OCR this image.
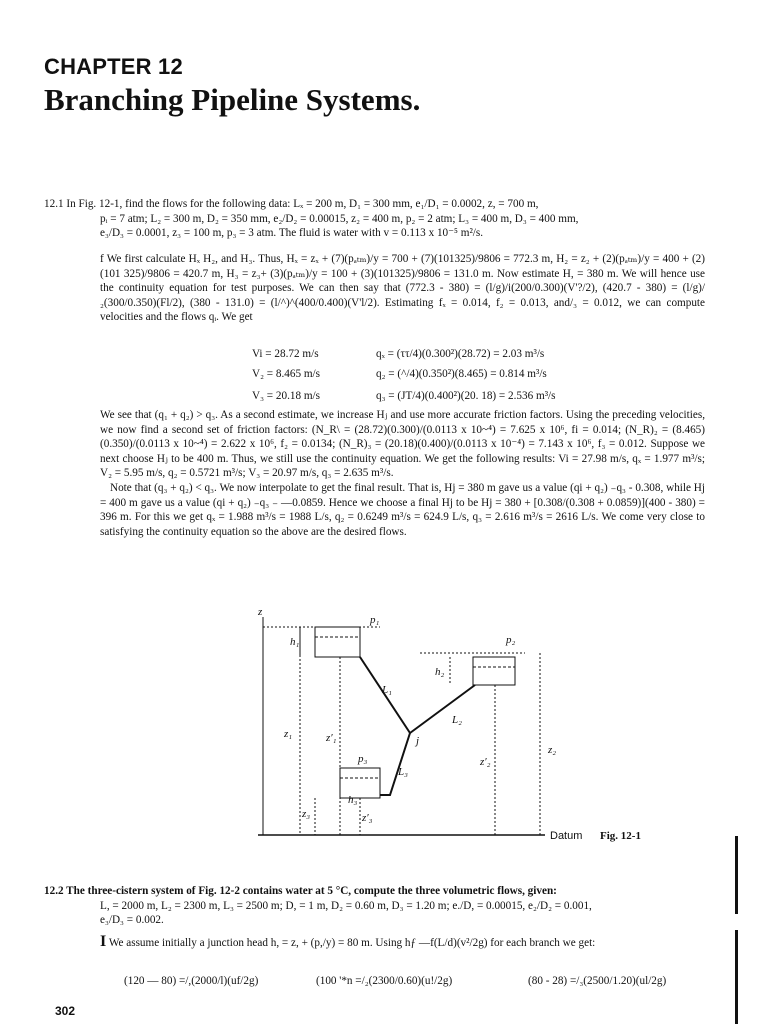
CHAPTER 12
Branching Pipeline Systems.
12.1 In Fig. 12-1, find the flows for the following data: Lₓ = 200 m, D₁ = 300 mm, e₁/D₁ = 0.0002, z, = 700 m,
pᵢ = 7 atm; L₂ = 300 m, D₂ = 350 mm, e₂/D₂ = 0.00015, z₂ = 400 m, p₂ = 2 atm; L₃ = 400 m, D₃ = 400 mm,
e₃/D₃ = 0.0001, z₃ = 100 m, p₃ = 3 atm. The fluid is water with v = 0.113 x 10⁻⁵ m²/s.
f We first calculate Hₓ H₂, and H₃. Thus, Hₓ = zₓ + (7)(pₐₜₘ)/y = 700 + (7)(101325)/9806 = 772.3 m, H₂ = z₂ + (2)(pₐₜₘ)/y = 400 + (2)(101 325)/9806 = 420.7 m, H₃ = z₃+ (3)(pₐₜₘ)/y = 100 + (3)(101325)/9806 = 131.0 m. Now estimate H, = 380 m. We will hence use the continuity equation for test purposes. We can then say that (772.3 - 380) = (l/g)/i(200/0.300)(V'?/2), (420.7 - 380) = (l/g)/₂(300/0.350)(Fl/2), (380 - 131.0) = (l/^)^(400/0.400)(V'l/2). Estimating fₓ = 0.014, f₂ = 0.013, and/₃ = 0.012, we can compute velocities and the flows qᵢ. We get
Vi = 28.72 m/s	qₓ = (ττ/4)(0.300²)(28.72) = 2.03 m³/s
V₂ = 8.465 m/s	q₂ = (^/4)(0.350²)(8.465) = 0.814 m³/s
V₃ = 20.18 m/s	q₃ = (JT/4)(0.400²)(20. 18) = 2.536 m³/s
We see that (q₁ + q₂) > q₃. As a second estimate, we increase Hⱼ and use more accurate friction factors. Using the preceding velocities, we now find a second set of friction factors: (N_R\ = (28.72)(0.300)/(0.0113 x 10~⁴) = 7.625 x 10⁶, fi = 0.014; (N_R)₂ = (8.465)(0.350)/(0.0113 x 10~⁴) = 2.622 x 10⁶, f₂ = 0.0134; (N_R)₃ = (20.18)(0.400)/(0.0113 x 10⁻⁴) = 7.143 x 10⁶, f₃ = 0.012. Suppose we next choose Hⱼ to be 400 m. Thus, we still use the continuity equation. We get the following results: Vi = 27.98 m/s, qₓ = 1.977 m³/s; V₂ = 5.95 m/s, q₂ = 0.5721 m³/s; V₃ = 20.97 m/s, q₃ = 2.635 m³/s.
Note that (q₃ + q₂) < q₃. We now interpolate to get the final result. That is, Hj = 380 m gave us a value (qi + q₂) ₋q₃ - 0.308, while Hj = 400 m gave us a value (qi + q₂) ₋q₃ ₋ —0.0859. Hence we choose a final Hj to be Hj = 380 + [0.308/(0.308 + 0.0859)](400 - 380) = 396 m. For this we get qₓ = 1.988 m³/s = 1988 L/s, q₂ = 0.6249 m³/s = 624.9 L/s, q₃ = 2.616 m³/s = 2616 L/s. We come very close to satisfying the continuity equation so the above are the desired flows.
z
p₁
p₂
p₃
h₁
h₂
h₃
L₁
L₂
L₃
j
z₁	z′₁
z₂
z′₂
z₃	z′₃
Datum Fig. 12-1
12.2 The three-cistern system of Fig. 12-2 contains water at 5 °C, compute the three volumetric flows, given:
L, = 2000 m, L₂ = 2300 m, L₃ = 2500 m; D, = 1 m, D₂ = 0.60 m, D₃ = 1.20 m; e./D, = 0.00015, e₂/D₂ = 0.001,
e₃/D₃ = 0.002.
I We assume initially a junction head h, = z, + (p,/y) = 80 m. Using hƒ —f(L/d)(v²/2g) for each branch we get:
(120 — 80) =/,(2000/l)(uf/2g)	(100 '*n =/₂(2300/0.60)(u!/2g)	(80 - 28) =/₃(2500/1.20)(ul/2g)
302
